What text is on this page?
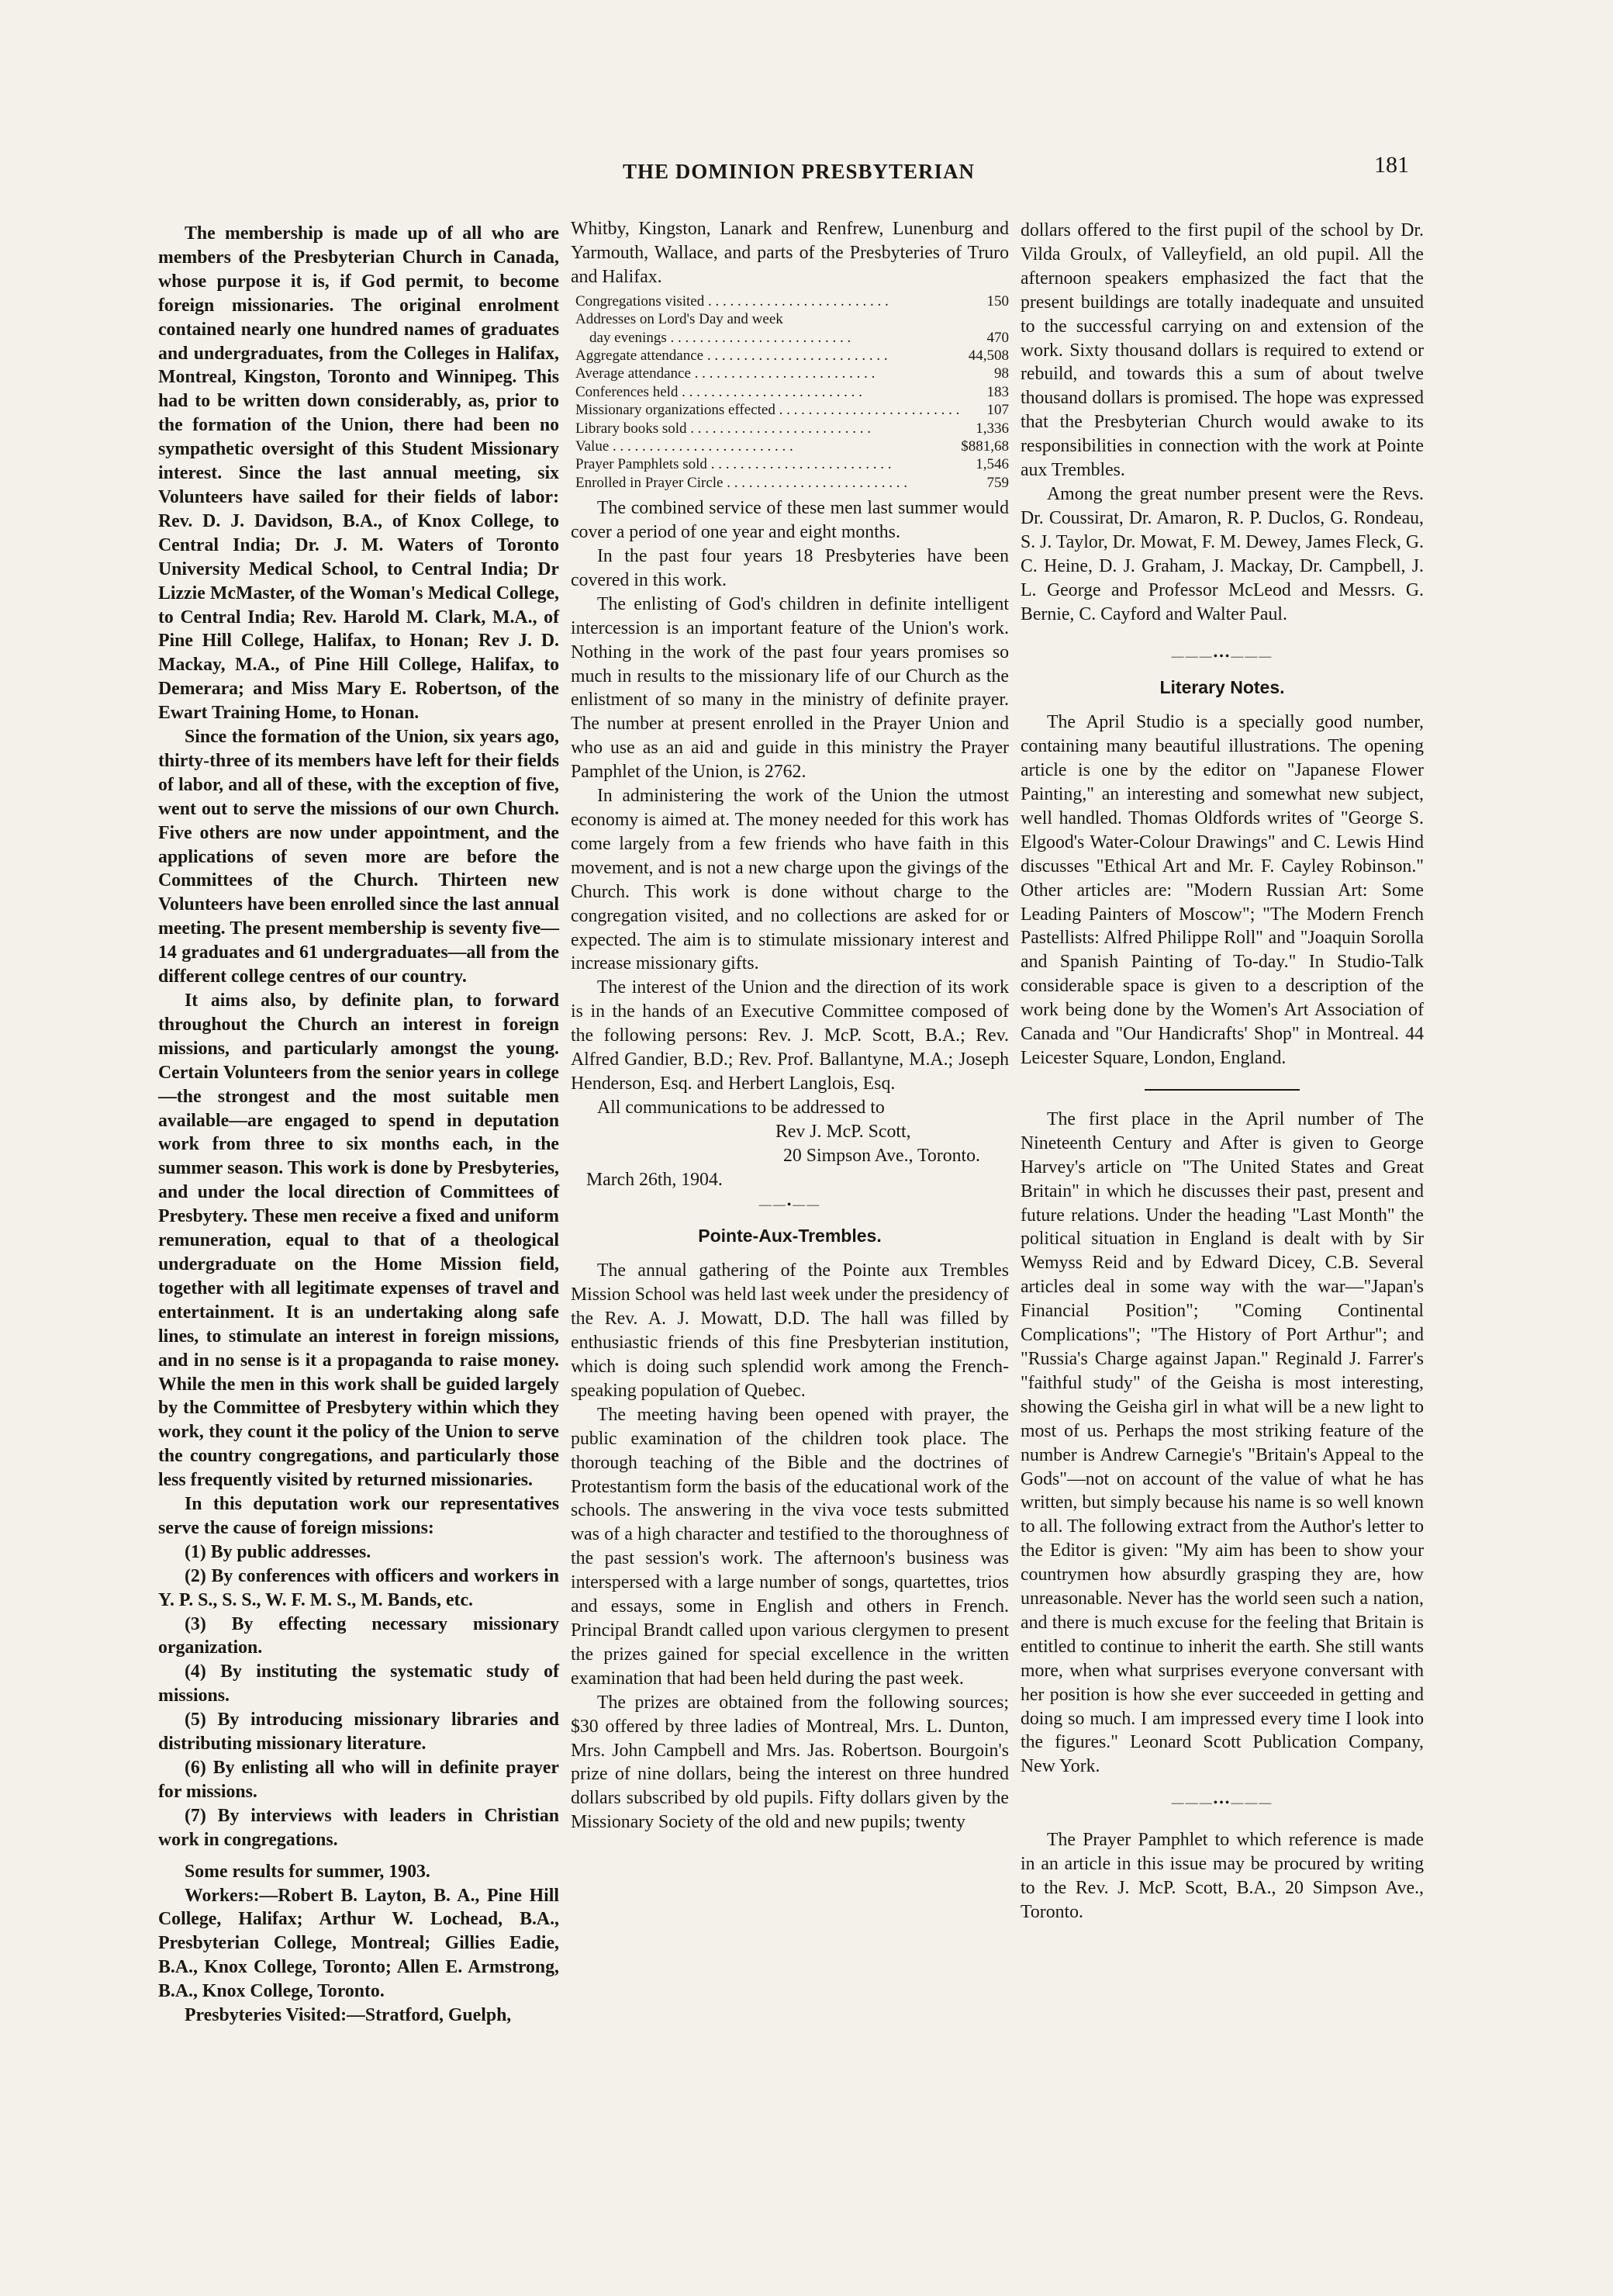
THE DOMINION PRESBYTERIAN	181

The membership is made up of all who are members of the Presbyterian Church in Canada, whose purpose it is, if God permit, to become foreign missionaries. The original enrolment contained nearly one hundred names of graduates and undergraduates, from the Colleges in Halifax, Montreal, Kingston, Toronto and Winnipeg. This had to be written down considerably, as, prior to the formation of the Union, there had been no sympathetic oversight of this Student Missionary interest. Since the last annual meeting, six Volunteers have sailed for their fields of labor: Rev. D. J. Davidson, B.A., of Knox College, to Central India; Dr. J. M. Waters of Toronto University Medical School, to Central India; Dr Lizzie McMaster, of the Woman's Medical College, to Central India; Rev. Harold M. Clark, M.A., of Pine Hill College, Halifax, to Honan; Rev J. D. Mackay, M.A., of Pine Hill College, Halifax, to Demerara; and Miss Mary E. Robertson, of the Ewart Training Home, to Honan.

Since the formation of the Union, six years ago, thirty-three of its members have left for their fields of labor, and all of these, with the exception of five, went out to serve the missions of our own Church. Five others are now under appointment, and the applications of seven more are before the Committees of the Church. Thirteen new Volunteers have been enrolled since the last annual meeting. The present membership is seventy five—14 graduates and 61 undergraduates—all from the different college centres of our country.

It aims also, by definite plan, to forward throughout the Church an interest in foreign missions, and particularly amongst the young. Certain Volunteers from the senior years in college—the strongest and the most suitable men available—are engaged to spend in deputation work from three to six months each, in the summer season. This work is done by Presbyteries, and under the local direction of Committees of Presbytery. These men receive a fixed and uniform remuneration, equal to that of a theological undergraduate on the Home Mission field, together with all legitimate expenses of travel and entertainment. It is an undertaking along safe lines, to stimulate an interest in foreign missions, and in no sense is it a propaganda to raise money. While the men in this work shall be guided largely by the Committee of Presbytery within which they work, they count it the policy of the Union to serve the country congregations, and particularly those less frequently visited by returned missionaries.

In this deputation work our representatives serve the cause of foreign missions:

(1) By public addresses.

(2) By conferences with officers and workers in Y. P. S., S. S., W. F. M. S., M. Bands, etc.

(3) By effecting necessary missionary organization.

(4) By instituting the systematic study of missions.

(5) By introducing missionary libraries and distributing missionary literature.

(6) By enlisting all who will in definite prayer for missions.

(7) By interviews with leaders in Christian work in congregations.

Some results for summer, 1903.

Workers:—Robert B. Layton, B. A., Pine Hill College, Halifax; Arthur W. Lochead, B.A., Presbyterian College, Montreal; Gillies Eadie, B.A., Knox College, Toronto; Allen E. Armstrong, B.A., Knox College, Toronto.

Presbyteries Visited:—Stratford, Guelph,

Whitby, Kingston, Lanark and Renfrew, Lunenburg and Yarmouth, Wallace, and parts of the Presbyteries of Truro and Halifax.

Congregations visited . . .	150
Addresses on Lord's Day and week
day evenings . . .	470
Aggregate attendance . . .	44,508
Average attendance . . .	98
Conferences held . . .	183
Missionary organizations effected . . .	107
Library books sold . . .	1,336
Value . . .	$881,68
Prayer Pamphlets sold . . .	1,546
Enrolled in Prayer Circle . . .	759

The combined service of these men last summer would cover a period of one year and eight months.

In the past four years 18 Presbyteries have been covered in this work.

The enlisting of God's children in definite intelligent intercession is an important feature of the Union's work. Nothing in the work of the past four years promises so much in results to the missionary life of our Church as the enlistment of so many in the ministry of definite prayer. The number at present enrolled in the Prayer Union and who use as an aid and guide in this ministry the Prayer Pamphlet of the Union, is 2762.

In administering the work of the Union the utmost economy is aimed at. The money needed for this work has come largely from a few friends who have faith in this movement, and is not a new charge upon the givings of the Church. This work is done without charge to the congregation visited, and no collections are asked for or expected. The aim is to stimulate missionary interest and increase missionary gifts.

The interest of the Union and the direction of its work is in the hands of an Executive Committee composed of the following persons: Rev. J. McP. Scott, B.A.; Rev. Alfred Gandier, B.D.; Rev. Prof. Ballantyne, M.A.; Joseph Henderson, Esq. and Herbert Langlois, Esq.

All communications to be addressed to

Rev J. McP. Scott,

20 Simpson Ave., Toronto.

March 26th, 1904.

——•——
Pointe-Aux-Trembles.

The annual gathering of the Pointe aux Trembles Mission School was held last week under the presidency of the Rev. A. J. Mowatt, D.D. The hall was filled by enthusiastic friends of this fine Presbyterian institution, which is doing such splendid work among the French-speaking population of Quebec.

The meeting having been opened with prayer, the public examination of the children took place. The thorough teaching of the Bible and the doctrines of Protestantism form the basis of the educational work of the schools. The answering in the viva voce tests submitted was of a high character and testified to the thoroughness of the past session's work. The afternoon's business was interspersed with a large number of songs, quartettes, trios and essays, some in English and others in French. Principal Brandt called upon various clergymen to present the prizes gained for special excellence in the written examination that had been held during the past week.

The prizes are obtained from the following sources; $30 offered by three ladies of Montreal, Mrs. L. Dunton, Mrs. John Campbell and Mrs. Jas. Robertson. Bourgoin's prize of nine dollars, being the interest on three hundred dollars subscribed by old pupils. Fifty dollars given by the Missionary Society of the old and new pupils; twenty

dollars offered to the first pupil of the school by Dr. Vilda Groulx, of Valleyfield, an old pupil. All the afternoon speakers emphasized the fact that the present buildings are totally inadequate and unsuited to the successful carrying on and extension of the work. Sixty thousand dollars is required to extend or rebuild, and towards this a sum of about twelve thousand dollars is promised. The hope was expressed that the Presbyterian Church would awake to its responsibilities in connection with the work at Pointe aux Trembles.

Among the great number present were the Revs. Dr. Coussirat, Dr. Amaron, R. P. Duclos, G. Rondeau, S. J. Taylor, Dr. Mowat, F. M. Dewey, James Fleck, G. C. Heine, D. J. Graham, J. Mackay, Dr. Campbell, J. L. George and Professor McLeod and Messrs. G. Bernie, C. Cayford and Walter Paul.

———•••———
Literary Notes.

The April Studio is a specially good number, containing many beautiful illustrations. The opening article is one by the editor on "Japanese Flower Painting," an interesting and somewhat new subject, well handled. Thomas Oldfords writes of "George S. Elgood's Water-Colour Drawings" and C. Lewis Hind discusses "Ethical Art and Mr. F. Cayley Robinson." Other articles are: "Modern Russian Art: Some Leading Painters of Moscow"; "The Modern French Pastellists: Alfred Philippe Roll" and "Joaquin Sorolla and Spanish Painting of To-day." In Studio-Talk considerable space is given to a description of the work being done by the Women's Art Association of Canada and "Our Handicrafts' Shop" in Montreal. 44 Leicester Square, London, England.

The first place in the April number of The Nineteenth Century and After is given to George Harvey's article on "The United States and Great Britain" in which he discusses their past, present and future relations. Under the heading "Last Month" the political situation in England is dealt with by Sir Wemyss Reid and by Edward Dicey, C.B. Several articles deal in some way with the war—"Japan's Financial Position"; "Coming Continental Complications"; "The History of Port Arthur"; and "Russia's Charge against Japan." Reginald J. Farrer's "faithful study" of the Geisha is most interesting, showing the Geisha girl in what will be a new light to most of us. Perhaps the most striking feature of the number is Andrew Carnegie's "Britain's Appeal to the Gods"—not on account of the value of what he has written, but simply because his name is so well known to all. The following extract from the Author's letter to the Editor is given: "My aim has been to show your countrymen how absurdly grasping they are, how unreasonable. Never has the world seen such a nation, and there is much excuse for the feeling that Britain is entitled to continue to inherit the earth. She still wants more, when what surprises everyone conversant with her position is how she ever succeeded in getting and doing so much. I am impressed every time I look into the figures." Leonard Scott Publication Company, New York.

———•••———

The Prayer Pamphlet to which reference is made in an article in this issue may be procured by writing to the Rev. J. McP. Scott, B.A., 20 Simpson Ave., Toronto.
